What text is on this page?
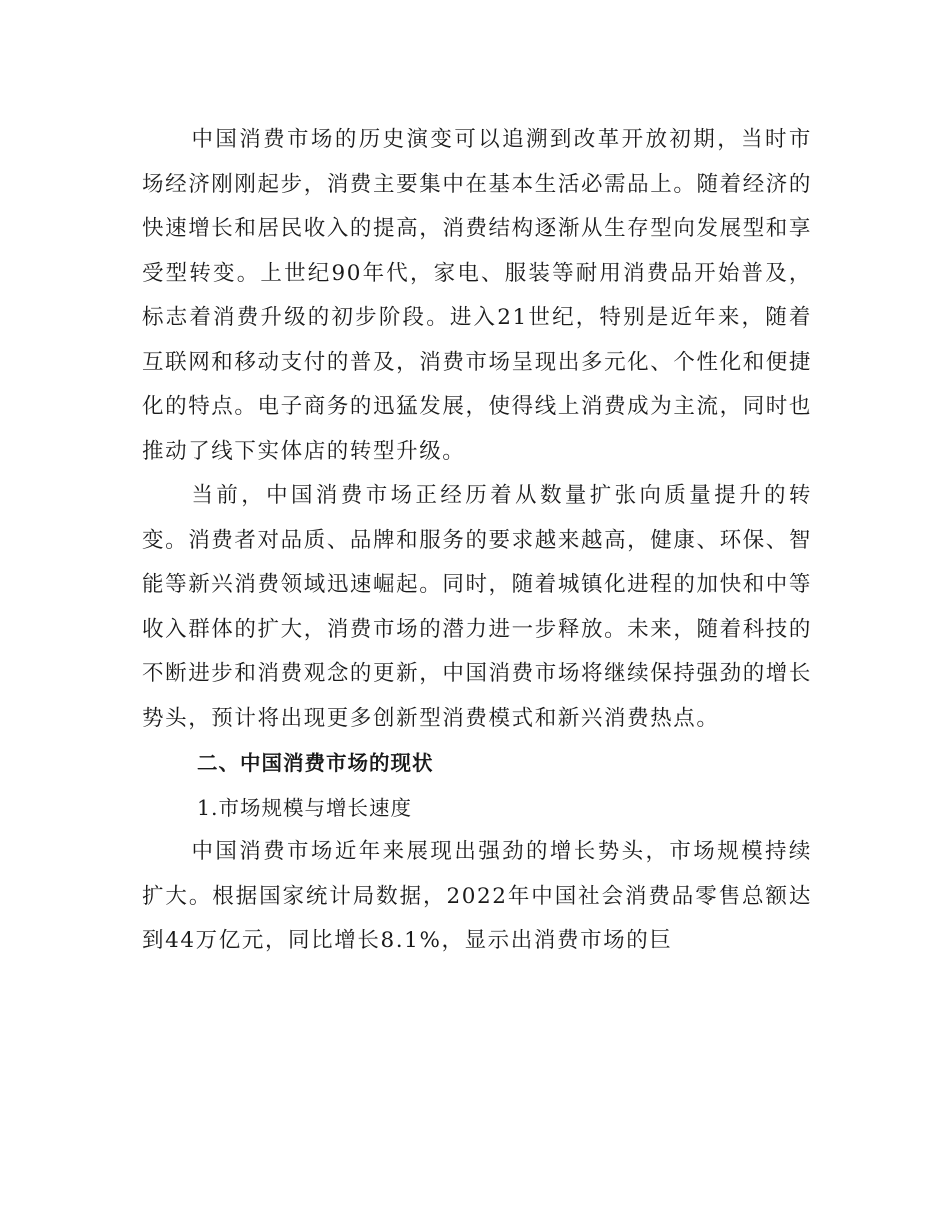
中国消费市场的历史演变可以追溯到改革开放初期，当时市场经济刚刚起步，消费主要集中在基本生活必需品上。随着经济的快速增长和居民收入的提高，消费结构逐渐从生存型向发展型和享受型转变。上世纪90年代，家电、服装等耐用消费品开始普及，标志着消费升级的初步阶段。进入21世纪，特别是近年来，随着互联网和移动支付的普及，消费市场呈现出多元化、个性化和便捷化的特点。电子商务的迅猛发展，使得线上消费成为主流，同时也推动了线下实体店的转型升级。

当前，中国消费市场正经历着从数量扩张向质量提升的转变。消费者对品质、品牌和服务的要求越来越高，健康、环保、智能等新兴消费领域迅速崛起。同时，随着城镇化进程的加快和中等收入群体的扩大，消费市场的潜力进一步释放。未来，随着科技的不断进步和消费观念的更新，中国消费市场将继续保持强劲的增长势头，预计将出现更多创新型消费模式和新兴消费热点。

二、中国消费市场的现状

1.市场规模与增长速度

中国消费市场近年来展现出强劲的增长势头，市场规模持续扩大。根据国家统计局数据，2022年中国社会消费品零售总额达到44万亿元，同比增长8.1%，显示出消费市场的巨
